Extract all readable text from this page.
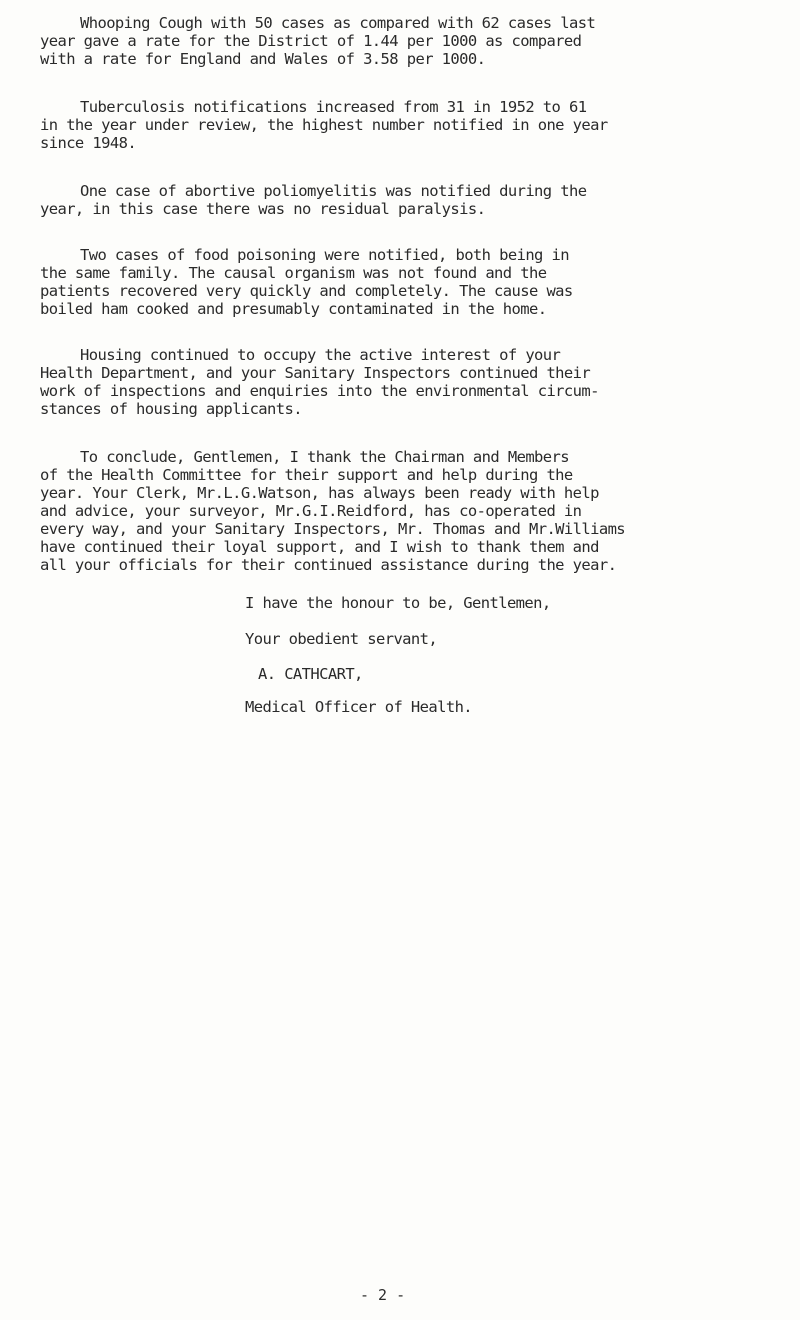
Whooping Cough with 50 cases as compared with 62 cases last
year gave a rate for the District of 1.44 per 1000 as compared
with a rate for England and Wales of 3.58 per 1000.

Tuberculosis notifications increased from 31 in 1952 to 61
in the year under review, the highest number notified in one year
since 1948.

One case of abortive poliomyelitis was notified during the
year, in this case there was no residual paralysis.

Two cases of food poisoning were notified, both being in
the same family. The causal organism was not found and the
patients recovered very quickly and completely. The cause was
boiled ham cooked and presumably contaminated in the home.

Housing continued to occupy the active interest of your
Health Department, and your Sanitary Inspectors continued their
work of inspections and enquiries into the environmental circum-
stances of housing applicants.

To conclude, Gentlemen, I thank the Chairman and Members
of the Health Committee for their support and help during the
year. Your Clerk, Mr.L.G.Watson, has always been ready with help
and advice, your surveyor, Mr.G.I.Reidford, has co-operated in
every way, and your Sanitary Inspectors, Mr. Thomas and Mr.Williams
have continued their loyal support, and I wish to thank them and
all your officials for their continued assistance during the year.

I have the honour to be, Gentlemen,

Your obedient servant,

A. CATHCART,

Medical Officer of Health.

- 2 -
